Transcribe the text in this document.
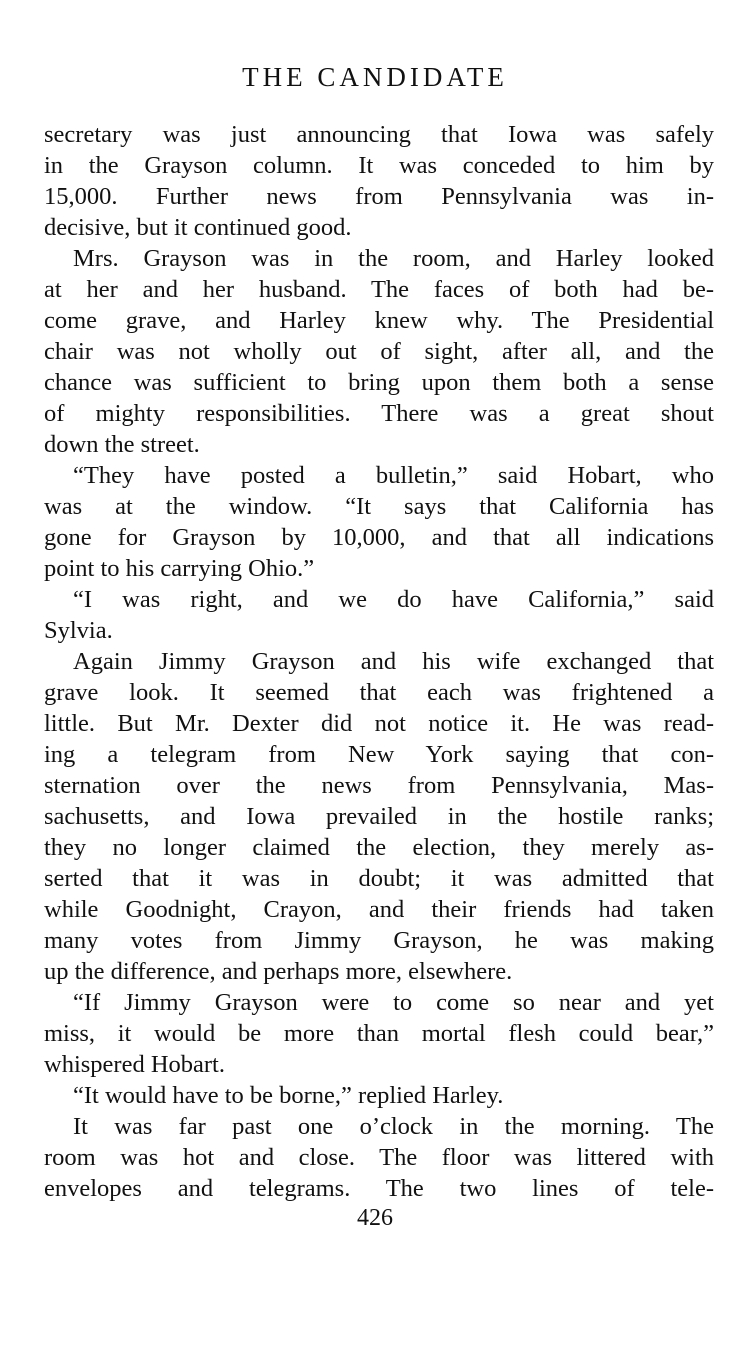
THE CANDIDATE
secretary was just announcing that Iowa was safely
in the Grayson column. It was conceded to him by
15,000. Further news from Pennsylvania was in-
decisive, but it continued good.
Mrs. Grayson was in the room, and Harley looked
at her and her husband. The faces of both had be-
come grave, and Harley knew why. The Presidential
chair was not wholly out of sight, after all, and the
chance was sufficient to bring upon them both a sense
of mighty responsibilities. There was a great shout
down the street.
“They have posted a bulletin,” said Hobart, who
was at the window. “It says that California has
gone for Grayson by 10,000, and that all indications
point to his carrying Ohio.”
“I was right, and we do have California,” said
Sylvia.
Again Jimmy Grayson and his wife exchanged that
grave look. It seemed that each was frightened a
little. But Mr. Dexter did not notice it. He was read-
ing a telegram from New York saying that con-
sternation over the news from Pennsylvania, Mas-
sachusetts, and Iowa prevailed in the hostile ranks;
they no longer claimed the election, they merely as-
serted that it was in doubt; it was admitted that
while Goodnight, Crayon, and their friends had taken
many votes from Jimmy Grayson, he was making
up the difference, and perhaps more, elsewhere.
“If Jimmy Grayson were to come so near and yet
miss, it would be more than mortal flesh could bear,”
whispered Hobart.
“It would have to be borne,” replied Harley.
It was far past one o’clock in the morning. The
room was hot and close. The floor was littered with
envelopes and telegrams. The two lines of tele-
426
